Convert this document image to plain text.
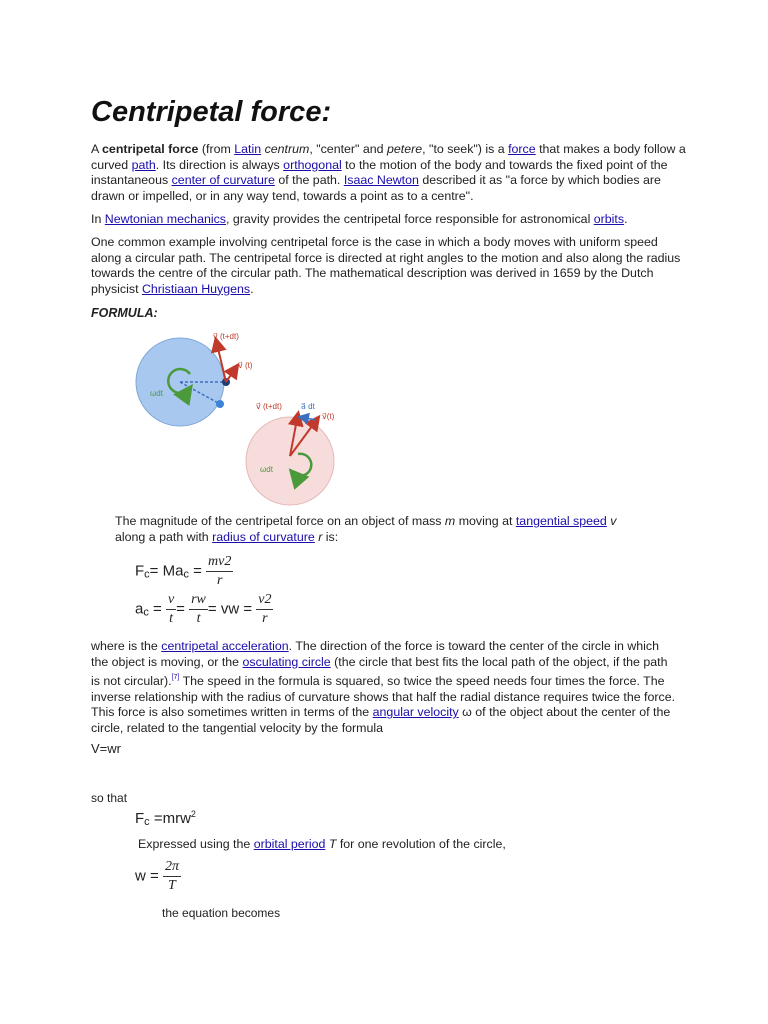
Centripetal force:

A centripetal force (from Latin centrum, "center" and petere, "to seek") is a force that makes a body follow a curved path. Its direction is always orthogonal to the motion of the body and towards the fixed point of the instantaneous center of curvature of the path. Isaac Newton described it as "a force by which bodies are drawn or impelled, or in any way tend, towards a point as to a centre".

In Newtonian mechanics, gravity provides the centripetal force responsible for astronomical orbits.

One common example involving centripetal force is the case in which a body moves with uniform speed along a circular path. The centripetal force is directed at right angles to the motion and also along the radius towards the centre of the circular path. The mathematical description was derived in 1659 by the Dutch physicist Christiaan Huygens.

FORMULA:

v⃗ (t+dt)
v⃗ (t)
ωdt
v⃗ (t+dt) a⃗ dt
v⃗(t)
ωdt

The magnitude of the centripetal force on an object of mass m moving at tangential speed v along a path with radius of curvature r is:

Fc= Mac = $\frac{mv2}{r}$
ac = $\frac{v}{t} = \frac{rw}{t}$ = vw = $\frac{v2}{r}$

where is the centripetal acceleration. The direction of the force is toward the center of the circle in which the object is moving, or the osculating circle (the circle that best fits the local path of the object, if the path is not circular).[7] The speed in the formula is squared, so twice the speed needs four times the force. The inverse relationship with the radius of curvature shows that half the radial distance requires twice the force. This force is also sometimes written in terms of the angular velocity ω of the object about the center of the circle, related to the tangential velocity by the formula

V=wr
so that
Fc =mrw$^2$

Expressed using the orbital period T for one revolution of the circle,

$w = \frac{2\pi}{T}$
the equation becomes
